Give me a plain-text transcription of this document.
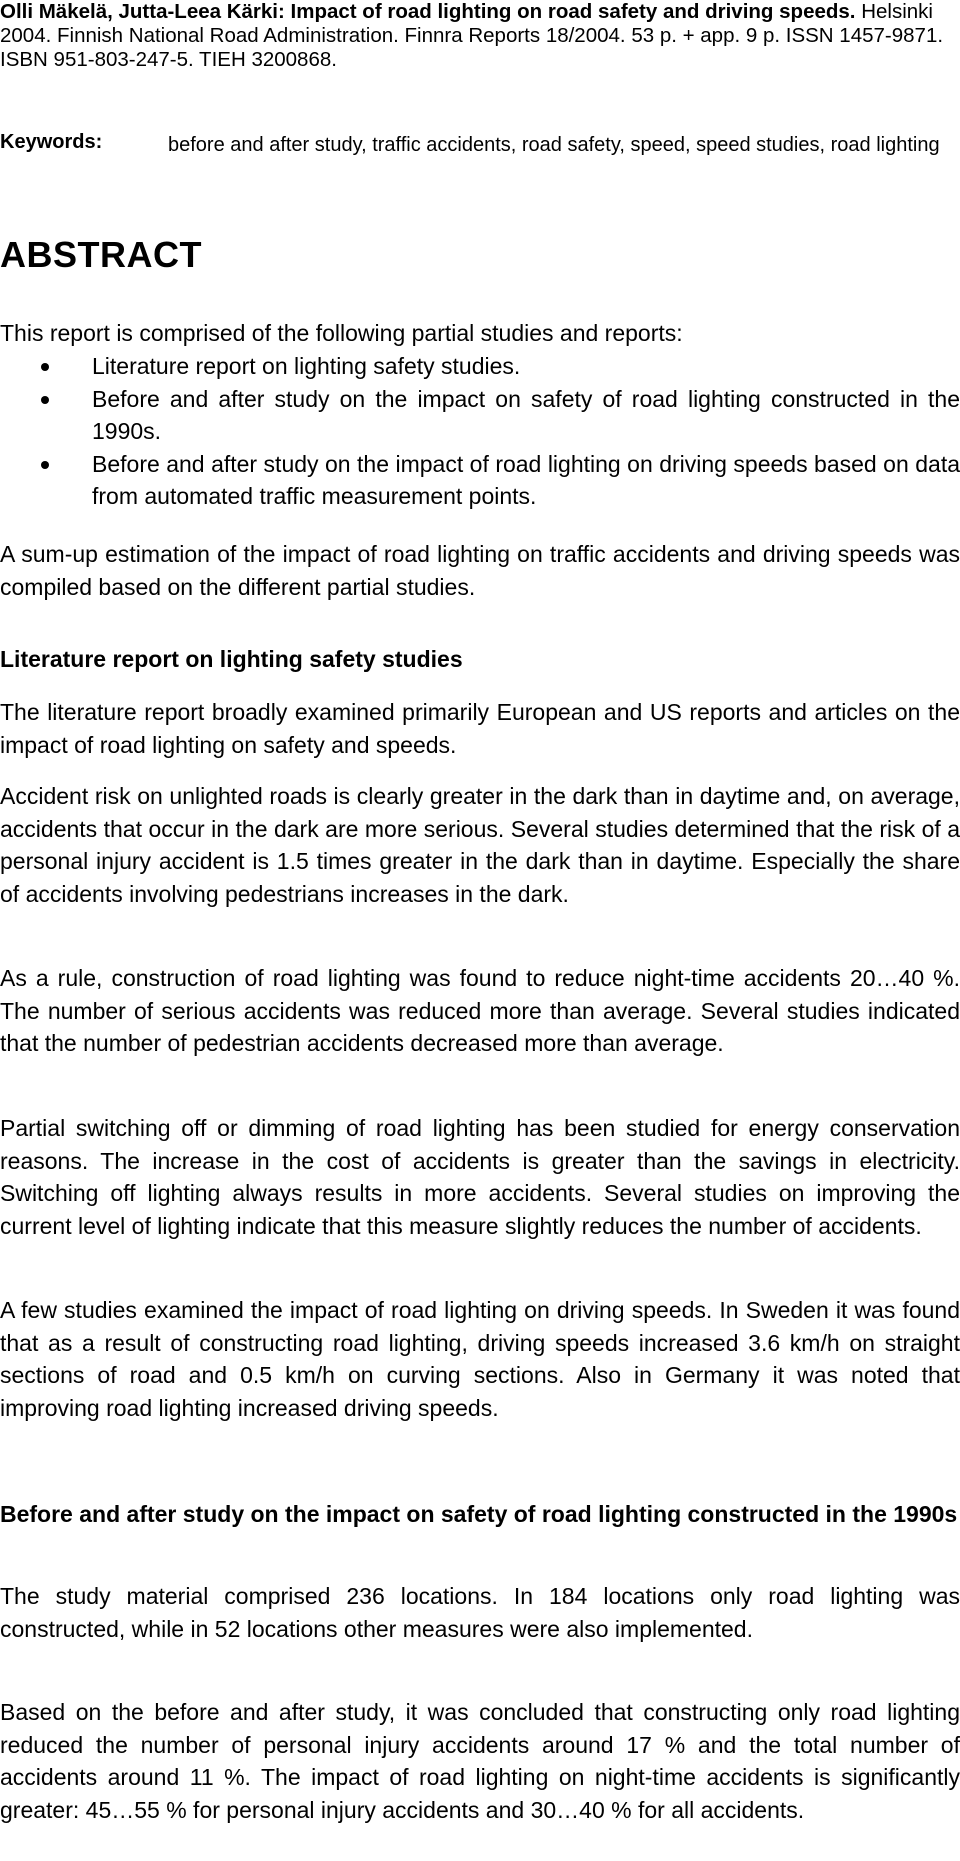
Olli Mäkelä, Jutta-Leea Kärki: Impact of road lighting on road safety and driving speeds. Helsinki 2004. Finnish National Road Administration. Finnra Reports 18/2004. 53 p. + app. 9 p. ISSN 1457-9871. ISBN 951-803-247-5. TIEH 3200868.
Keywords:	before and after study, traffic accidents, road safety, speed, speed studies, road lighting
ABSTRACT

This report is comprised of the following partial studies and reports:

Literature report on lighting safety studies.
Before and after study on the impact on safety of road lighting constructed in the 1990s.
Before and after study on the impact of road lighting on driving speeds based on data from automated traffic measurement points.

A sum-up estimation of the impact of road lighting on traffic accidents and driving speeds was compiled based on the different partial studies.

Literature report on lighting safety studies

The literature report broadly examined primarily European and US reports and articles on the impact of road lighting on safety and speeds.

Accident risk on unlighted roads is clearly greater in the dark than in daytime and, on average, accidents that occur in the dark are more serious. Several studies determined that the risk of a personal injury accident is 1.5 times greater in the dark than in daytime. Especially the share of accidents involving pedestrians increases in the dark.

As a rule, construction of road lighting was found to reduce night-time accidents 20…40 %. The number of serious accidents was reduced more than average. Several studies indicated that the number of pedestrian accidents decreased more than average.

Partial switching off or dimming of road lighting has been studied for energy conservation reasons. The increase in the cost of accidents is greater than the savings in electricity. Switching off lighting always results in more accidents. Several studies on improving the current level of lighting indicate that this measure slightly reduces the number of accidents.

A few studies examined the impact of road lighting on driving speeds. In Sweden it was found that as a result of constructing road lighting, driving speeds increased 3.6 km/h on straight sections of road and 0.5 km/h on curving sections. Also in Germany it was noted that improving road lighting increased driving speeds.

Before and after study on the impact on safety of road lighting constructed in the 1990s

The study material comprised 236 locations. In 184 locations only road lighting was constructed, while in 52 locations other measures were also implemented.

Based on the before and after study, it was concluded that constructing only road lighting reduced the number of personal injury accidents around 17 % and the total number of accidents around 11 %. The impact of road lighting on night-time accidents is significantly greater: 45…55 % for personal injury accidents and 30…40 % for all accidents.
